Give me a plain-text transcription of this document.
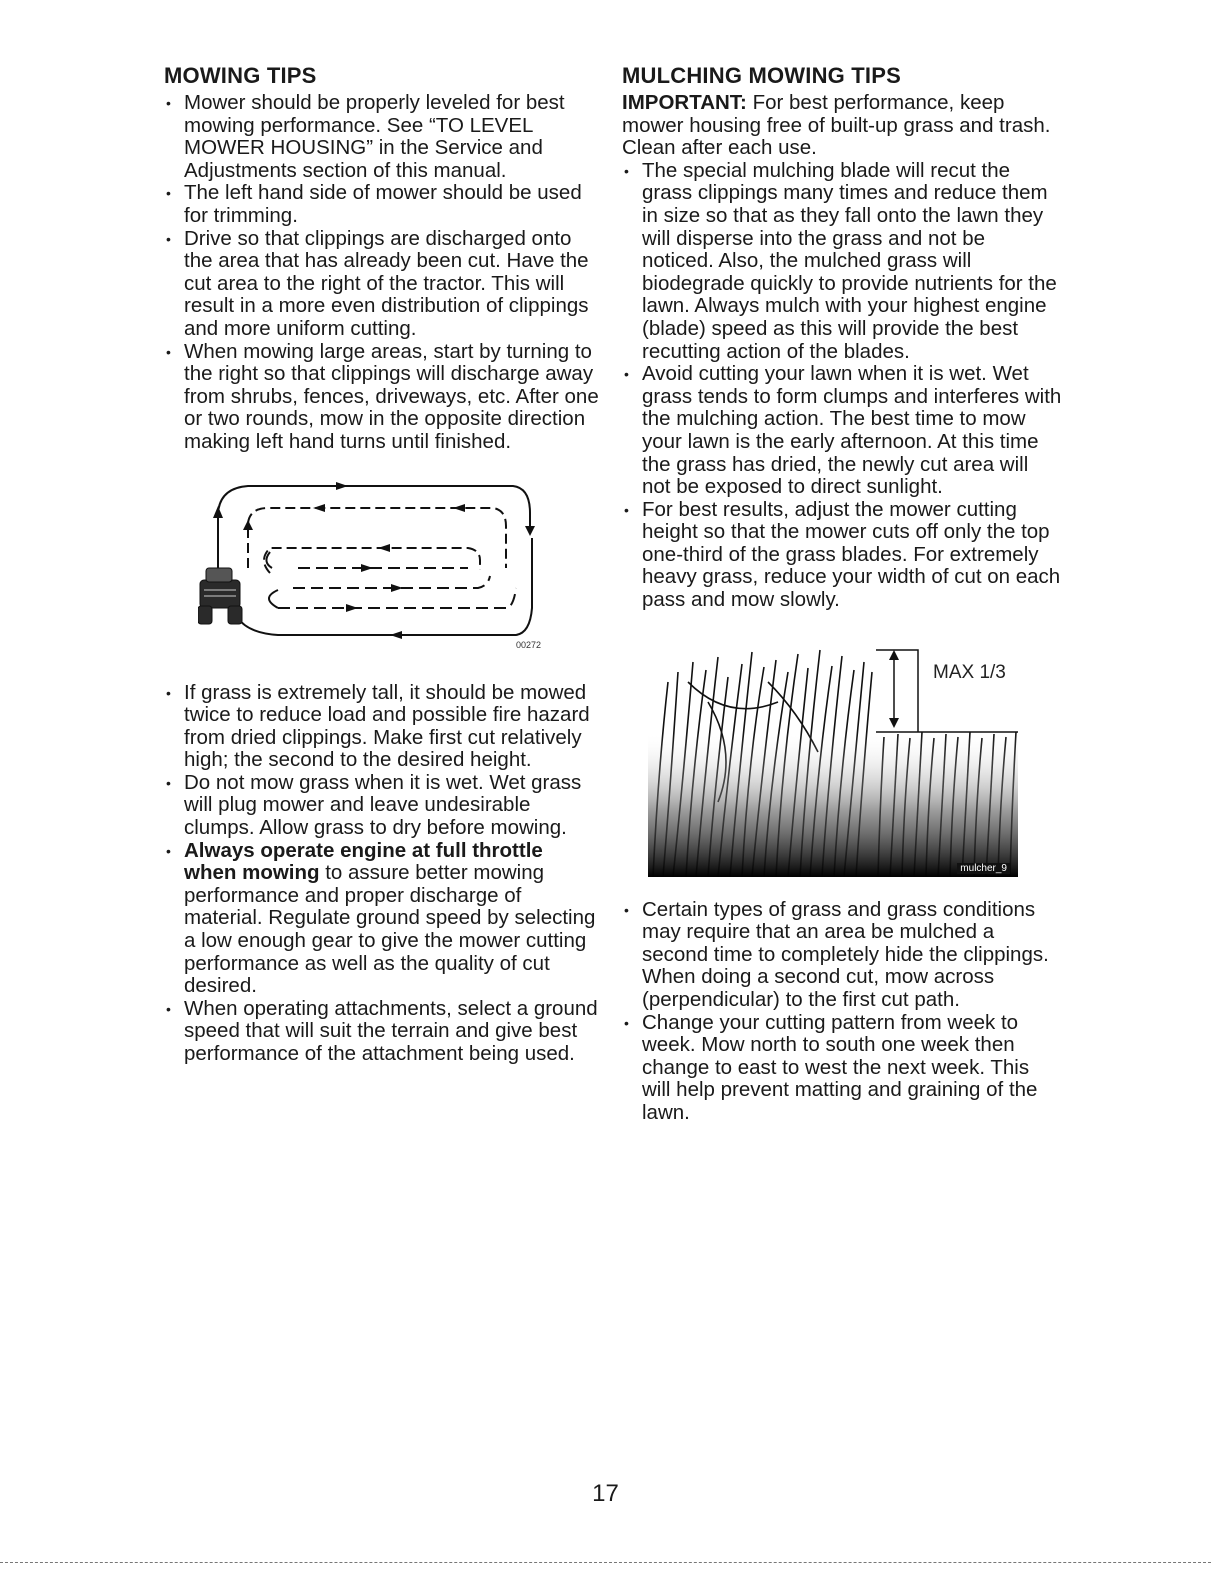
MOWING TIPS
• Mower should be properly leveled for best mowing performance. See “TO LEVEL MOWER HOUSING” in the Service and Adjustments section of this manual.
• The left hand side of mower should be used for trimming.
• Drive so that clippings are discharged onto the area that has already been cut. Have the cut area to the right of the tractor. This will result in a more even distribution of clippings and more uniform cutting.
• When mowing large areas, start by turning to the right so that clippings will discharge away from shrubs, fences, driveways, etc. After one or two rounds, mow in the opposite direction making left hand turns until finished.
00272
• If grass is extremely tall, it should be mowed twice to reduce load and possible fire hazard from dried clippings. Make first cut relatively high; the second to the desired height.
• Do not mow grass when it is wet. Wet grass will plug mower and leave undesirable clumps. Allow grass to dry before mowing.
• Always operate engine at full throttle when mowing to assure better mowing performance and proper discharge of material. Regulate ground speed by selecting a low enough gear to give the mower cutting performance as well as the quality of cut desired.
• When operating attachments, select a ground speed that will suit the terrain and give best performance of the attachment being used.
MULCHING MOWING TIPS

IMPORTANT: For best performance, keep mower housing free of built-up grass and trash. Clean after each use.

• The special mulching blade will recut the grass clippings many times and reduce them in size so that as they fall onto the lawn they will disperse into the grass and not be noticed. Also, the mulched grass will biodegrade quickly to provide nutrients for the lawn. Always mulch with your highest engine (blade) speed as this will provide the best recutting action of the blades.
• Avoid cutting your lawn when it is wet. Wet grass tends to form clumps and interferes with the mulching action. The best time to mow your lawn is the early afternoon. At this time the grass has dried, the newly cut area will not be exposed to direct sunlight.
• For best results, adjust the mower cutting height so that the mower cuts off only the top one-third of the grass blades. For extremely heavy grass, reduce your width of cut on each pass and mow slowly.
MAX 1/3
mulcher_9
• Certain types of grass and grass conditions may require that an area be mulched a second time to completely hide the clippings. When doing a second cut, mow across (perpendicular) to the first cut path.
• Change your cutting pattern from week to week. Mow north to south one week then change to east to west the next week. This will help prevent matting and graining of the lawn.
17
